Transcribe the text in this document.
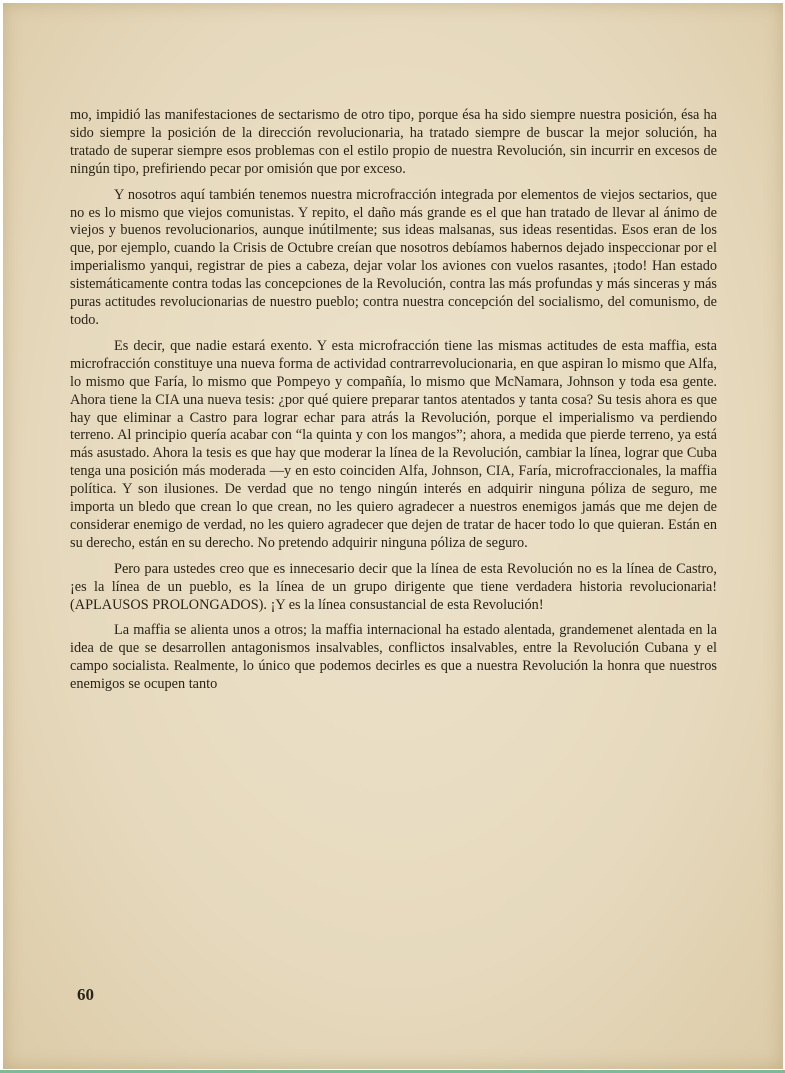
mo, impidió las manifestaciones de sectarismo de otro tipo, porque ésa ha sido siempre nuestra posición, ésa ha sido siempre la posición de la dirección revolucionaria, ha tratado siempre de buscar la mejor solución, ha tratado de superar siempre esos problemas con el estilo propio de nuestra Revolución, sin incurrir en excesos de ningún tipo, prefiriendo pecar por omisión que por exceso.

Y nosotros aquí también tenemos nuestra microfracción integrada por elementos de viejos sectarios, que no es lo mismo que viejos comunistas. Y repito, el daño más grande es el que han tratado de llevar al ánimo de viejos y buenos revolucionarios, aunque inútilmente; sus ideas malsanas, sus ideas resentidas. Esos eran de los que, por ejemplo, cuando la Crisis de Octubre creían que nosotros debíamos habernos dejado inspeccionar por el imperialismo yanqui, registrar de pies a cabeza, dejar volar los aviones con vuelos rasantes, ¡todo! Han estado sistemáticamente contra todas las concepciones de la Revolución, contra las más profundas y más sinceras y más puras actitudes revolucionarias de nuestro pueblo; contra nuestra concepción del socialismo, del comunismo, de todo.

Es decir, que nadie estará exento. Y esta microfracción tiene las mismas actitudes de esta maffia, esta microfracción constituye una nueva forma de actividad contrarrevolucionaria, en que aspiran lo mismo que Alfa, lo mismo que Faría, lo mismo que Pompeyo y compañía, lo mismo que McNamara, Johnson y toda esa gente. Ahora tiene la CIA una nueva tesis: ¿por qué quiere preparar tantos atentados y tanta cosa? Su tesis ahora es que hay que eliminar a Castro para lograr echar para atrás la Revolución, porque el imperialismo va perdiendo terreno. Al principio quería acabar con “la quinta y con los mangos”; ahora, a medida que pierde terreno, ya está más asustado. Ahora la tesis es que hay que moderar la línea de la Revolución, cambiar la línea, lograr que Cuba tenga una posición más moderada —y en esto coinciden Alfa, Johnson, CIA, Faría, microfraccionales, la maffia política. Y son ilusiones. De verdad que no tengo ningún interés en adquirir ninguna póliza de seguro, me importa un bledo que crean lo que crean, no les quiero agradecer a nuestros enemigos jamás que me dejen de considerar enemigo de verdad, no les quiero agradecer que dejen de tratar de hacer todo lo que quieran. Están en su derecho, están en su derecho. No pretendo adquirir ninguna póliza de seguro.

Pero para ustedes creo que es innecesario decir que la línea de esta Revolución no es la línea de Castro, ¡es la línea de un pueblo, es la línea de un grupo dirigente que tiene verdadera historia revolucionaria! (APLAUSOS PROLONGADOS). ¡Y es la línea consustancial de esta Revolución!

La maffia se alienta unos a otros; la maffia internacional ha estado alentada, grandemenet alentada en la idea de que se desarrollen antagonismos insalvables, conflictos insalvables, entre la Revolución Cubana y el campo socialista. Realmente, lo único que podemos decirles es que a nuestra Revolución la honra que nuestros enemigos se ocupen tanto

60
